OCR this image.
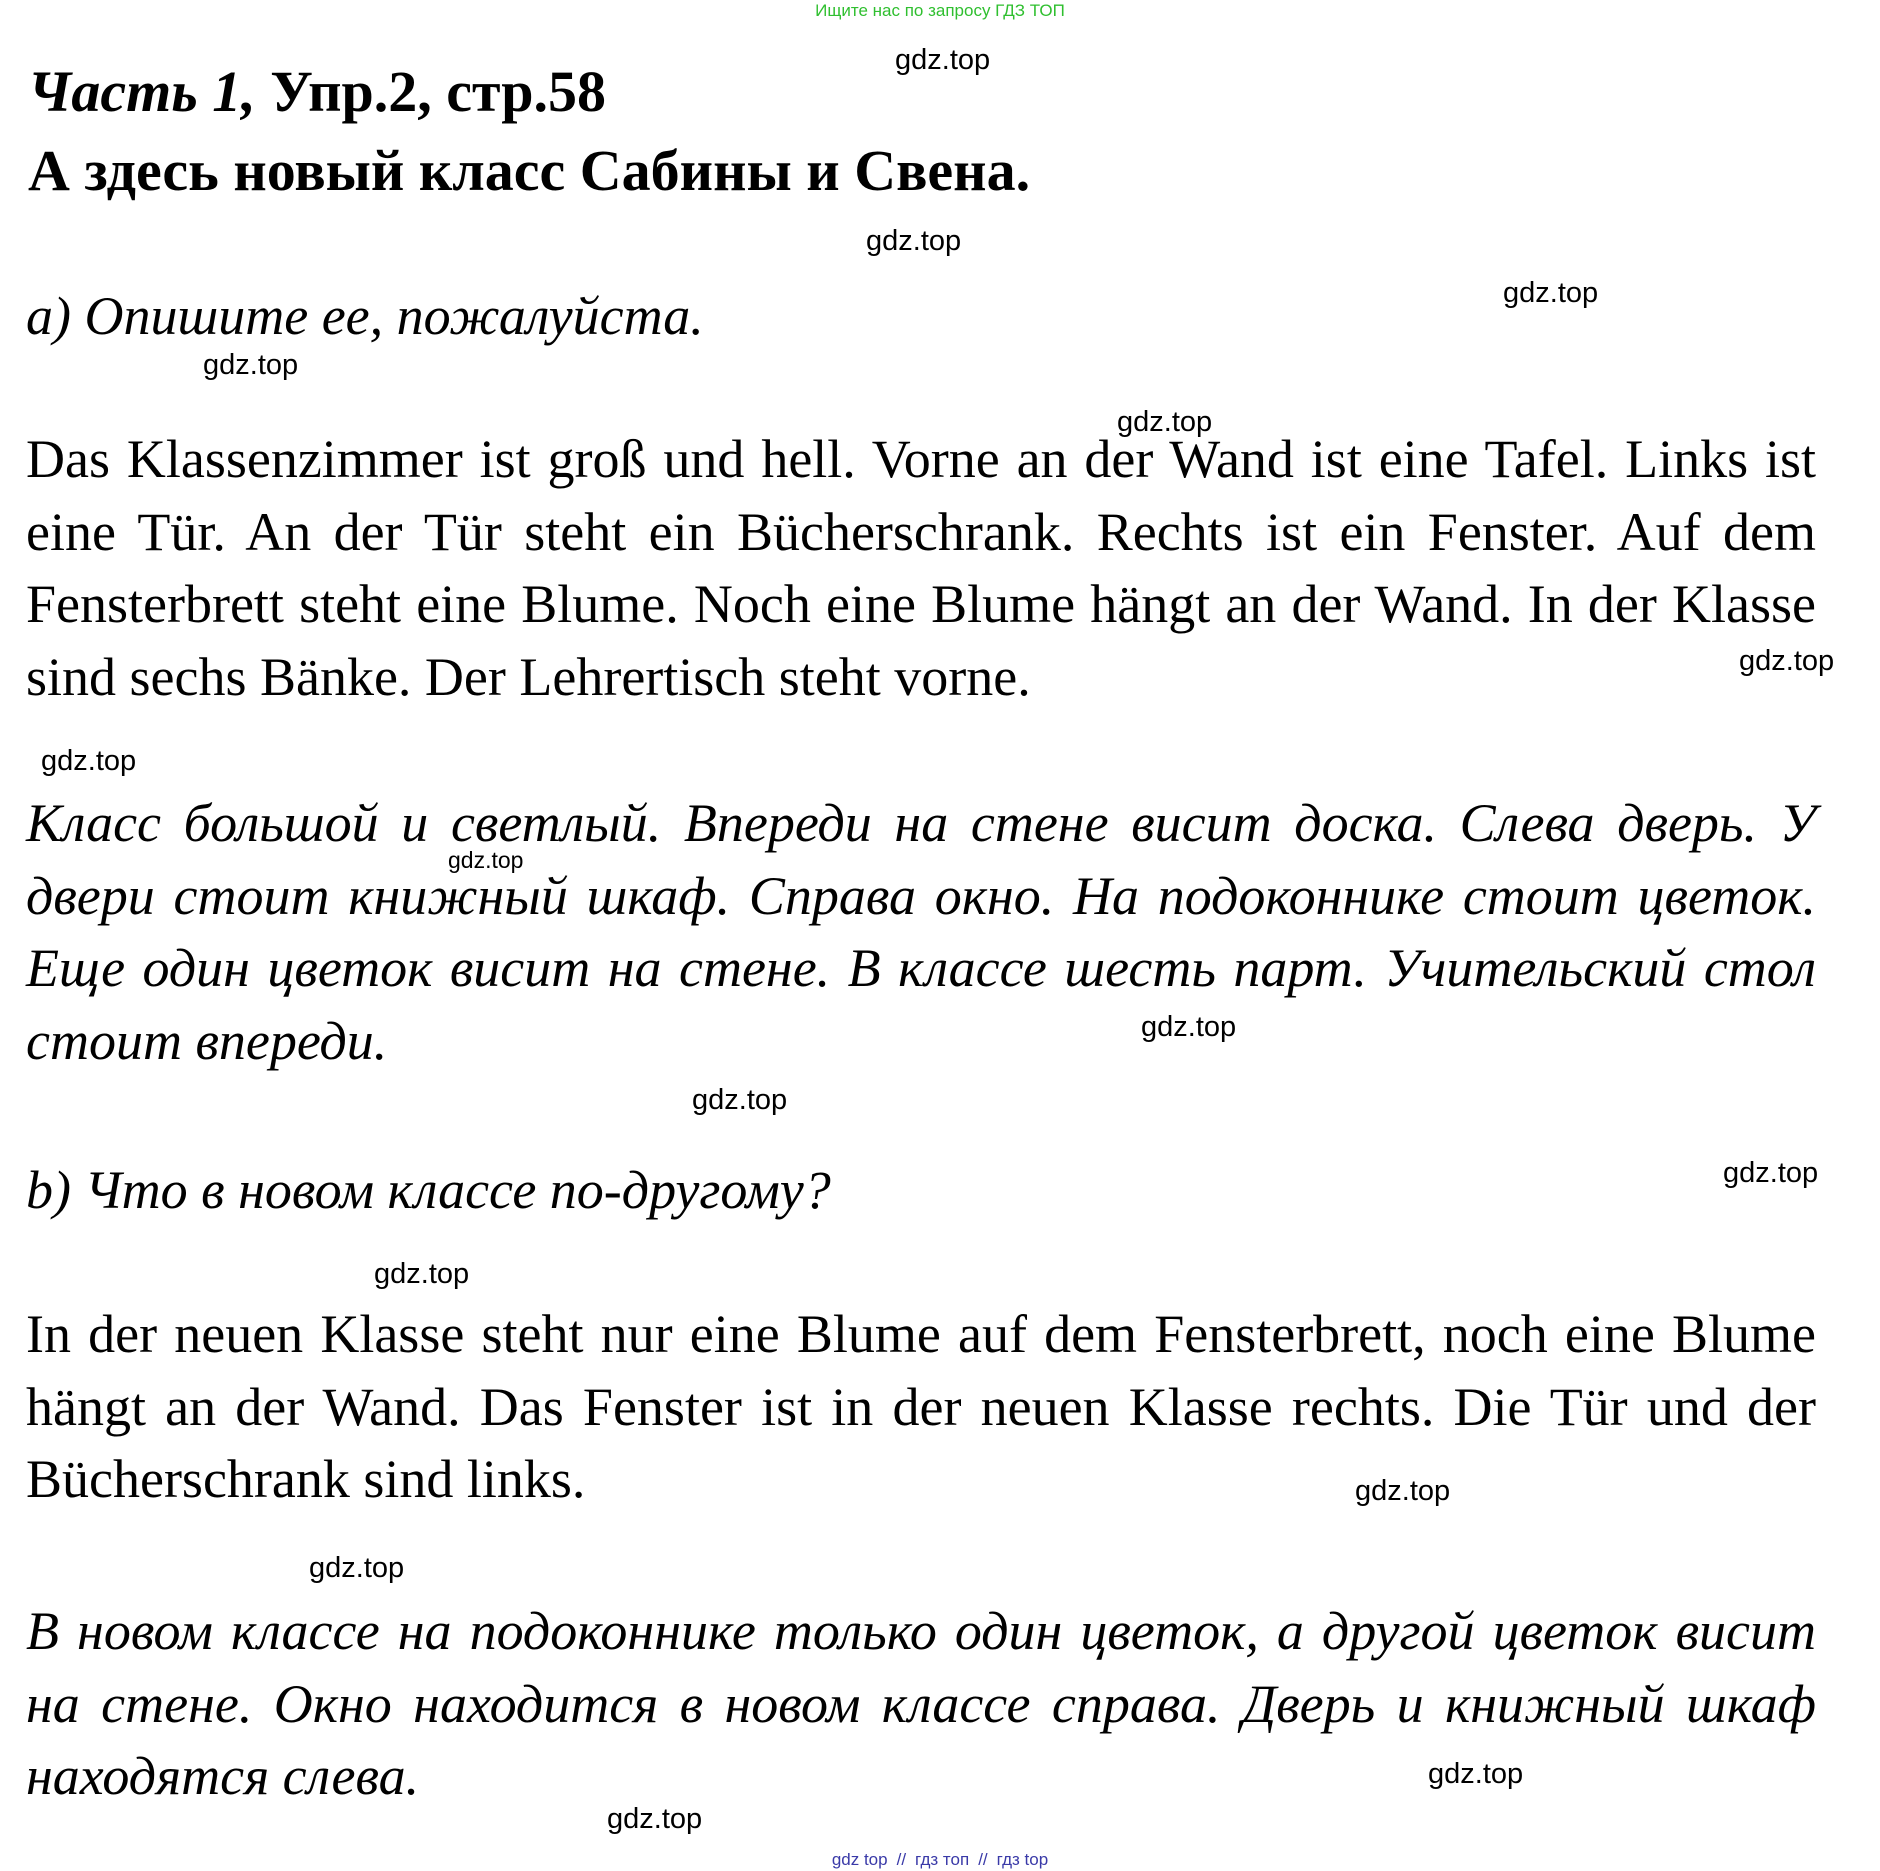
Ищите нас по запросу ГДЗ ТОП
Часть 1, Упр.2, стр.58
А здесь новый класс Сабины и Свена.
a) Опишите ее, пожалуйста.
Das Klassenzimmer ist groß und hell. Vorne an der Wand ist eine Tafel. Links ist eine Tür. An der Tür steht ein Bücherschrank. Rechts ist ein Fenster. Auf dem Fensterbrett steht eine Blume. Noch eine Blume hängt an der Wand. In der Klasse sind sechs Bänke. Der Lehrertisch steht vorne.
Класс большой и светлый. Впереди на стене висит доска. Слева дверь. У двери стоит книжный шкаф. Справа окно. На подоконнике стоит цветок. Еще один цветок висит на стене. В классе шесть парт. Учительский стол стоит впереди.
b) Что в новом классе по-другому?
In der neuen Klasse steht nur eine Blume auf dem Fensterbrett, noch eine Blume hängt an der Wand. Das Fenster ist in der neuen Klasse rechts. Die Tür und der Bücherschrank sind links.
В новом классе на подоконнике только один цветок, а другой цветок висит на стене. Окно находится в новом классе справа. Дверь и книжный шкаф находятся слева.
gdz.top
gdz.top
gdz.top
gdz.top
gdz.top
gdz.top
gdz.top
gdz.top
gdz.top
gdz.top
gdz.top
gdz.top
gdz.top
gdz.top
gdz.top
gdz.top
gdz top // гдз топ // гдз top
